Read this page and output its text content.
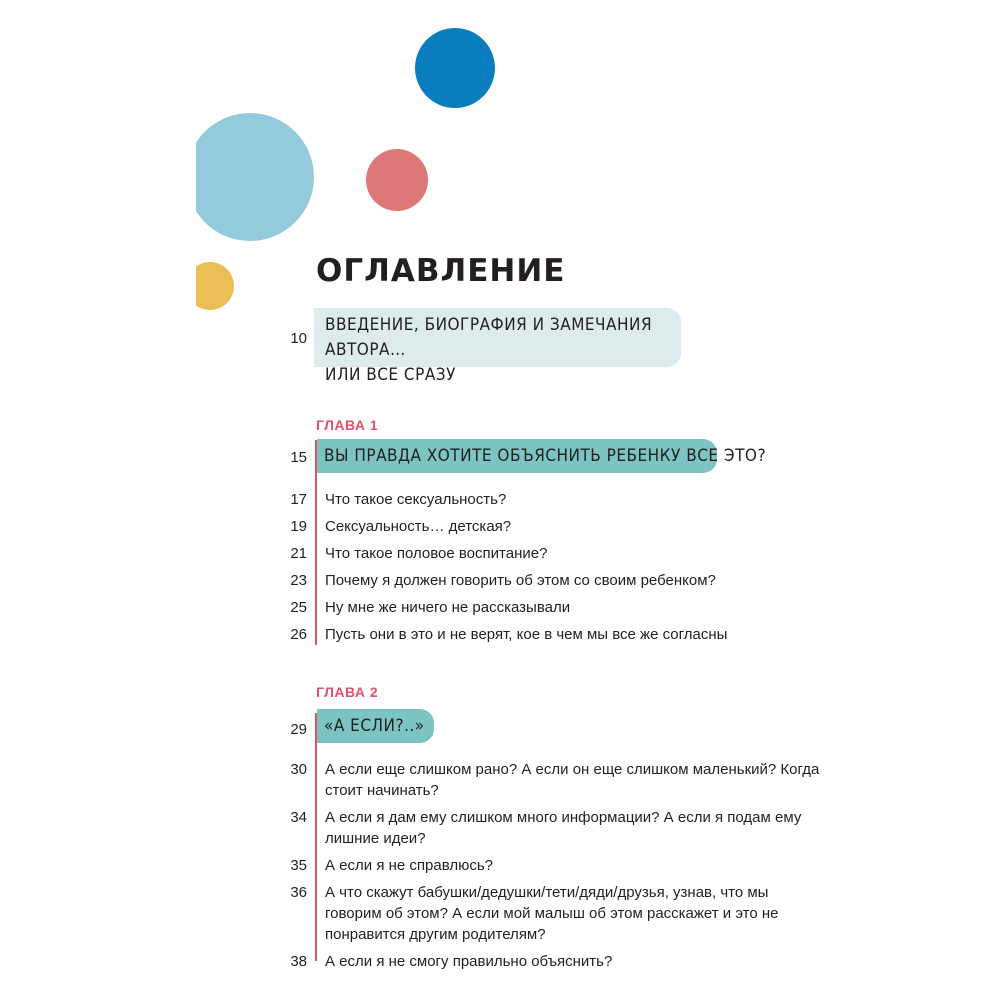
ОГЛАВЛЕНИЕ
10
ВВЕДЕНИЕ, БИОГРАФИЯ И ЗАМЕЧАНИЯ АВТОРА…
ИЛИ ВСЕ СРАЗУ
ГЛАВА 1
15	ВЫ ПРАВДА ХОТИТЕ ОБЪЯСНИТЬ РЕБЕНКУ ВСЕ ЭТО?
17 Что такое сексуальность?
19 Сексуальность… детская?
21 Что такое половое воспитание?
23 Почему я должен говорить об этом со своим ребенком?
25 Ну мне же ничего не рассказывали
26 Пусть они в это и не верят, кое в чем мы все же согласны
ГЛАВА 2
29	«А ЕСЛИ?..»
30 А если еще слишком рано? А если он еще слишком маленький? Когда стоит начинать?
34 А если я дам ему слишком много информации? А если я подам ему лишние идеи?
35 А если я не справлюсь?
36 А что скажут бабушки/дедушки/тети/дяди/друзья, узнав, что мы говорим об этом? А если мой малыш об этом расскажет и это не понравится другим родителям?
38 А если я не смогу правильно объяснить?
